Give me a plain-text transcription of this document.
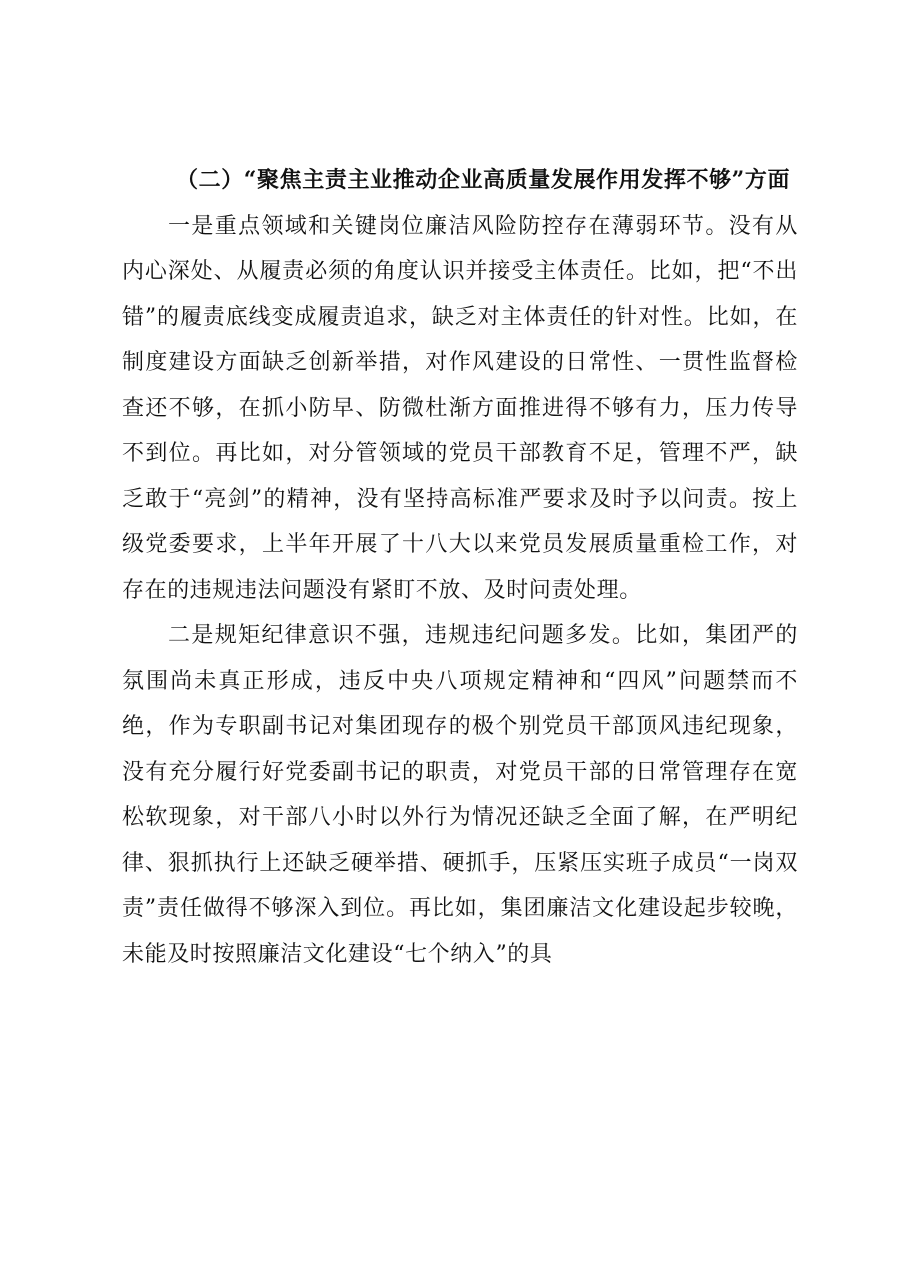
（二）“聚焦主责主业推动企业高质量发展作用发挥不够”方面

一是重点领域和关键岗位廉洁风险防控存在薄弱环节。没有从内心深处、从履责必须的角度认识并接受主体责任。比如，把“不出错”的履责底线变成履责追求，缺乏对主体责任的针对性。比如，在制度建设方面缺乏创新举措，对作风建设的日常性、一贯性监督检查还不够，在抓小防早、防微杜渐方面推进得不够有力，压力传导不到位。再比如，对分管领域的党员干部教育不足，管理不严，缺乏敢于“亮剑”的精神，没有坚持高标准严要求及时予以问责。按上级党委要求，上半年开展了十八大以来党员发展质量重检工作，对存在的违规违法问题没有紧盯不放、及时问责处理。

二是规矩纪律意识不强，违规违纪问题多发。比如，集团严的氛围尚未真正形成，违反中央八项规定精神和“四风”问题禁而不绝，作为专职副书记对集团现存的极个别党员干部顶风违纪现象，没有充分履行好党委副书记的职责，对党员干部的日常管理存在宽松软现象，对干部八小时以外行为情况还缺乏全面了解，在严明纪律、狠抓执行上还缺乏硬举措、硬抓手，压紧压实班子成员“一岗双责”责任做得不够深入到位。再比如，集团廉洁文化建设起步较晚，未能及时按照廉洁文化建设“七个纳入”的具
